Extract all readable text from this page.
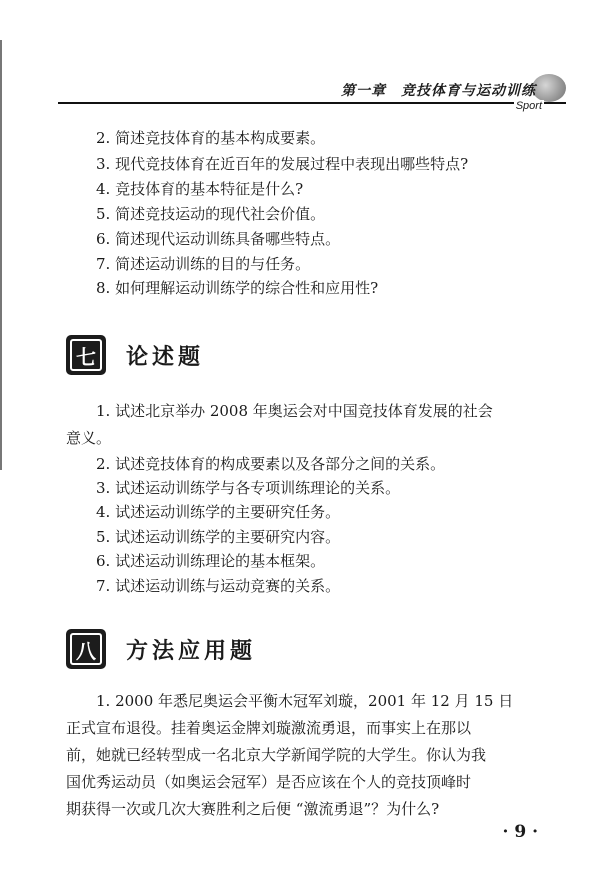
第一章　竞技体育与运动训练
Sport
2. 简述竞技体育的基本构成要素。
3. 现代竞技体育在近百年的发展过程中表现出哪些特点?
4. 竞技体育的基本特征是什么?
5. 简述竞技运动的现代社会价值。
6. 简述现代运动训练具备哪些特点。
7. 简述运动训练的目的与任务。
8. 如何理解运动训练学的综合性和应用性?
七 论述题
1. 试述北京举办 2008 年奥运会对中国竞技体育发展的社会
意义。
2. 试述竞技体育的构成要素以及各部分之间的关系。
3. 试述运动训练学与各专项训练理论的关系。
4. 试述运动训练学的主要研究任务。
5. 试述运动训练学的主要研究内容。
6. 试述运动训练理论的基本框架。
7. 试述运动训练与运动竞赛的关系。
八 方法应用题
1. 2000 年悉尼奥运会平衡木冠军刘璇，2001 年 12 月 15 日
正式宣布退役。挂着奥运金牌刘璇激流勇退，而事实上在那以
前，她就已经转型成一名北京大学新闻学院的大学生。你认为我
国优秀运动员（如奥运会冠军）是否应该在个人的竞技顶峰时
期获得一次或几次大赛胜利之后便 “激流勇退”？为什么?
· 9 ·
